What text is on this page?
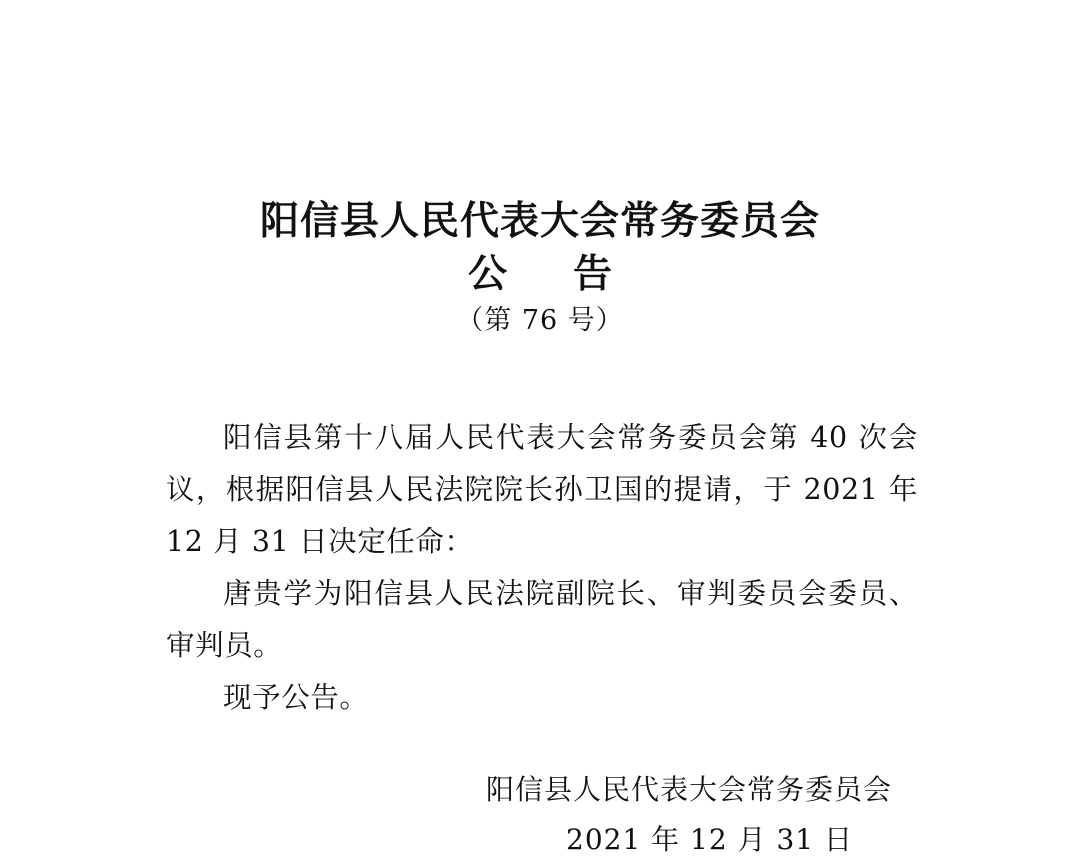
阳信县人民代表大会常务委员会
公 告
（第 76 号）

阳信县第十八届人民代表大会常务委员会第 40 次会议，根据阳信县人民法院院长孙卫国的提请，于 2021 年 12 月 31 日决定任命：

唐贵学为阳信县人民法院副院长、审判委员会委员、审判员。

现予公告。

阳信县人民代表大会常务委员会
2021 年 12 月 31 日
